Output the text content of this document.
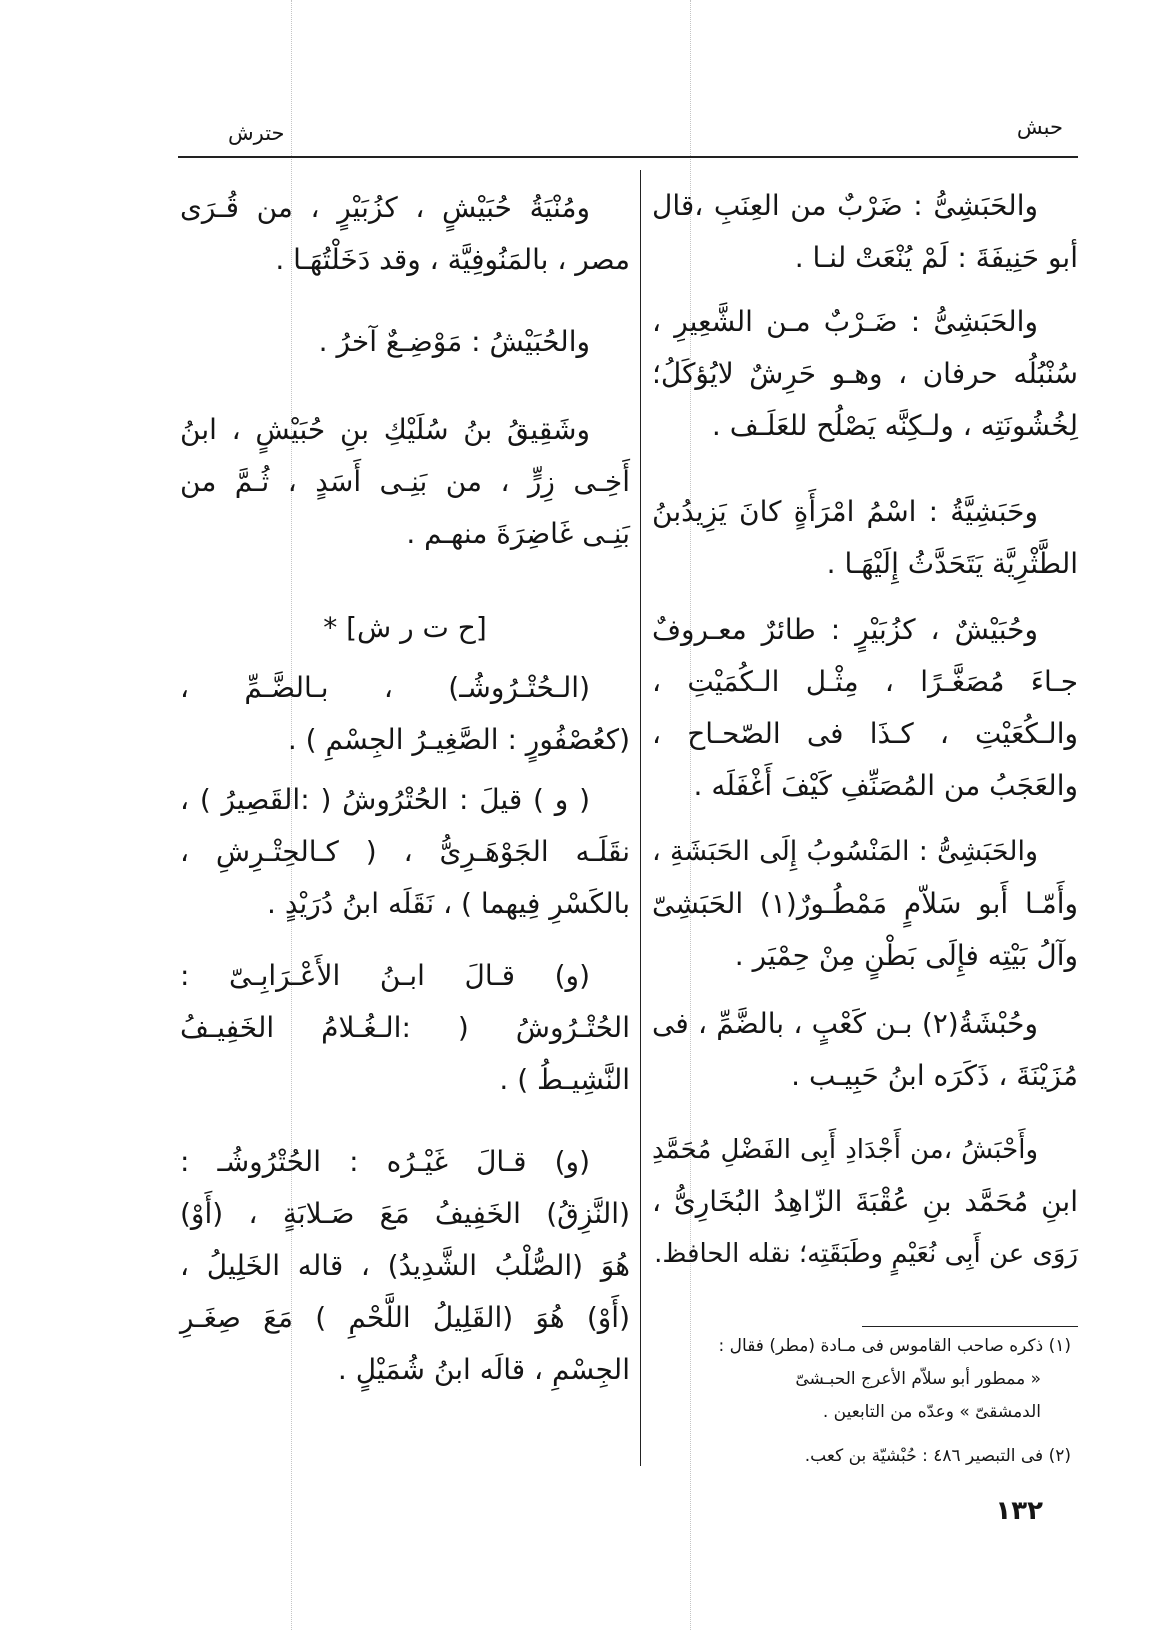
حبش
حترش
والحَبَشِىُّ : ضَرْبٌ من العِنَبِ ،قال
أبو حَنِيفَةَ : لَمْ يُنْعَتْ لنـا .
والحَبَشِىُّ : ضَـرْبٌ مـن الشَّعِيرِ ،
سُنْبُلُه حرفان ، وهـو حَرِشٌ لايُؤكَلُ؛
لِخُشُونَتِه ، ولـكِنَّه يَصْلُح للعَلَـف .
وحَبَشِيَّةُ : اسْمُ امْرَأَةٍ كانَ يَزِيدُبنُ
الطَّثْرِيَّة يَتَحَدَّثُ إِلَيْهَـا .
وحُبَيْشٌ ، كزُبَيْرٍ : طائرٌ معـروفٌ
جـاءَ مُصَغَّـرًا ، مِثْـل الـكُمَيْتِ ،
والـكُعَيْتِ ، كـذَا فى الصّحـاح ،
والعَجَبُ من المُصَنِّفِ كَيْفَ أَغْفَلَه .
والحَبَشِىُّ : المَنْسُوبُ إِلَى الحَبَشَةِ ،
وأَمّـا أَبو سَلاّمٍ مَمْطُـورٌ(١) الحَبَشِىّ
وآلُ بَيْتِه فإِلَى بَطْنٍ مِنْ حِمْيَر .
وحُبْشَةُ(٢) بـن كَعْبٍ ، بالضَّمِّ ، فى
مُزَيْنَةَ ، ذَكَرَه ابنُ حَبِيـب .
وأَحْبَشُ ،من أَجْدَادِ أَبِى الفَضْلِ مُحَمَّدِ
ابنِ مُحَمَّد بنِ عُقْبَةَ الزّاهِدُ البُخَارِىُّ ،
رَوَى عن أَبِى نُعَيْمٍ وطَبَقَتِه؛ نقله الحافظ.
ومُنْيَةُ حُبَيْشٍ ، كزُبَيْرٍ ، من قُـرَى
مصر ، بالمَنُوفِيَّة ، وقد دَخَلْتُهَـا .
والحُبَيْشُ : مَوْضِـعٌ آخرُ .
وشَقِيقُ بنُ سُلَيْكِ بنِ حُبَيْشٍ ، ابنُ
أَخِـى زِرٍّ ، من بَنِـى أَسَدٍ ، ثُـمَّ من
بَنِـى غَاضِرَةَ منهـم .
[ح ت ر ش] *
(الـحُتْـرُوشُـ) ، بـالضَّـمِّ ،
(كعُصْفُورٍ : الصَّغِيـرُ الجِسْمِ ) .
( و ) قيلَ : الحُتْرُوشُ ( :القَصِيرُ ) ،
نقَلَـه الجَوْهَـرِىُّ ، ( كـالحِتْـرِشِ ،
بالكَسْرِ فِيهما ) ، نَقَلَه ابنُ دُرَيْدٍ .
(و) قـالَ ابـنُ الأَعْـرَابِـىّ :
الحُتْـرُوشُ ( :الـغُـلامُ الخَفِيـفُ
النَّشِيـطُ ) .
(و) قـالَ غَيْـرُه : الحُتْرُوشُـ :
(النَّزِقُ) الخَفِيفُ مَعَ صَـلابَةٍ ، (أَوْ)
هُوَ (الصُّلْبُ الشَّدِيدُ) ، قاله الخَلِيلُ ،
(أَوْ) هُوَ (القَلِيلُ اللَّحْمِ ) مَعَ صِغَـرِ
الجِسْمِ ، قالَه ابنُ شُمَيْلٍ .
(١) ذكره صاحب القاموس فى مـادة (مطر) فقال :
« ممطور أبو سلاّم الأعرج الحبـشىّ
الدمشقىّ » وعدّه من التابعين .
(٢) فى التبصير ٤٨٦ : حُبْشيّة بن كعب.
١٣٢
